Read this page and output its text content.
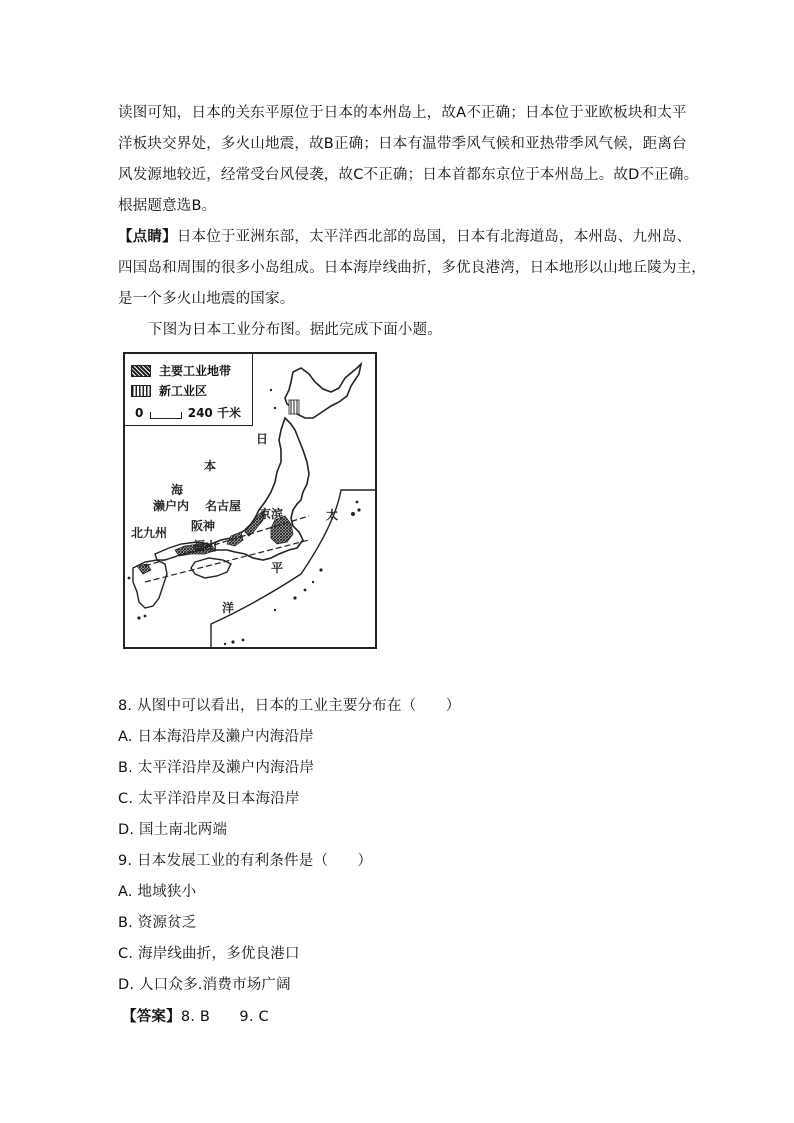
读图可知，日本的关东平原位于日本的本州岛上，故A不正确；日本位于亚欧板块和太平
洋板块交界处，多火山地震，故B正确；日本有温带季风气候和亚热带季风气候，距离台
风发源地较近，经常受台风侵袭，故C不正确；日本首都东京位于本州岛上。故D不正确。
根据题意选B。
【点睛】日本位于亚洲东部，太平洋西北部的岛国，日本有北海道岛，本州岛、九州岛、
四国岛和周围的很多小岛组成。日本海岸线曲折，多优良港湾，日本地形以山地丘陵为主，
是一个多火山地震的国家。
下图为日本工业分布图。据此完成下面小题。
主要工业地带
新工业区
0	240 千米
日
本
海
濑户内 名古屋
京滨
阪神
福山
北九州
太
平
洋
8. 从图中可以看出，日本的工业主要分布在（　　）
A. 日本海沿岸及濑户内海沿岸
B. 太平洋沿岸及濑户内海沿岸
C. 太平洋沿岸及日本海沿岸
D. 国土南北两端
9. 日本发展工业的有利条件是（　　）
A. 地域狭小
B. 资源贫乏
C. 海岸线曲折，多优良港口
D. 人口众多.消费市场广阔
【答案】8. B　　9. C
